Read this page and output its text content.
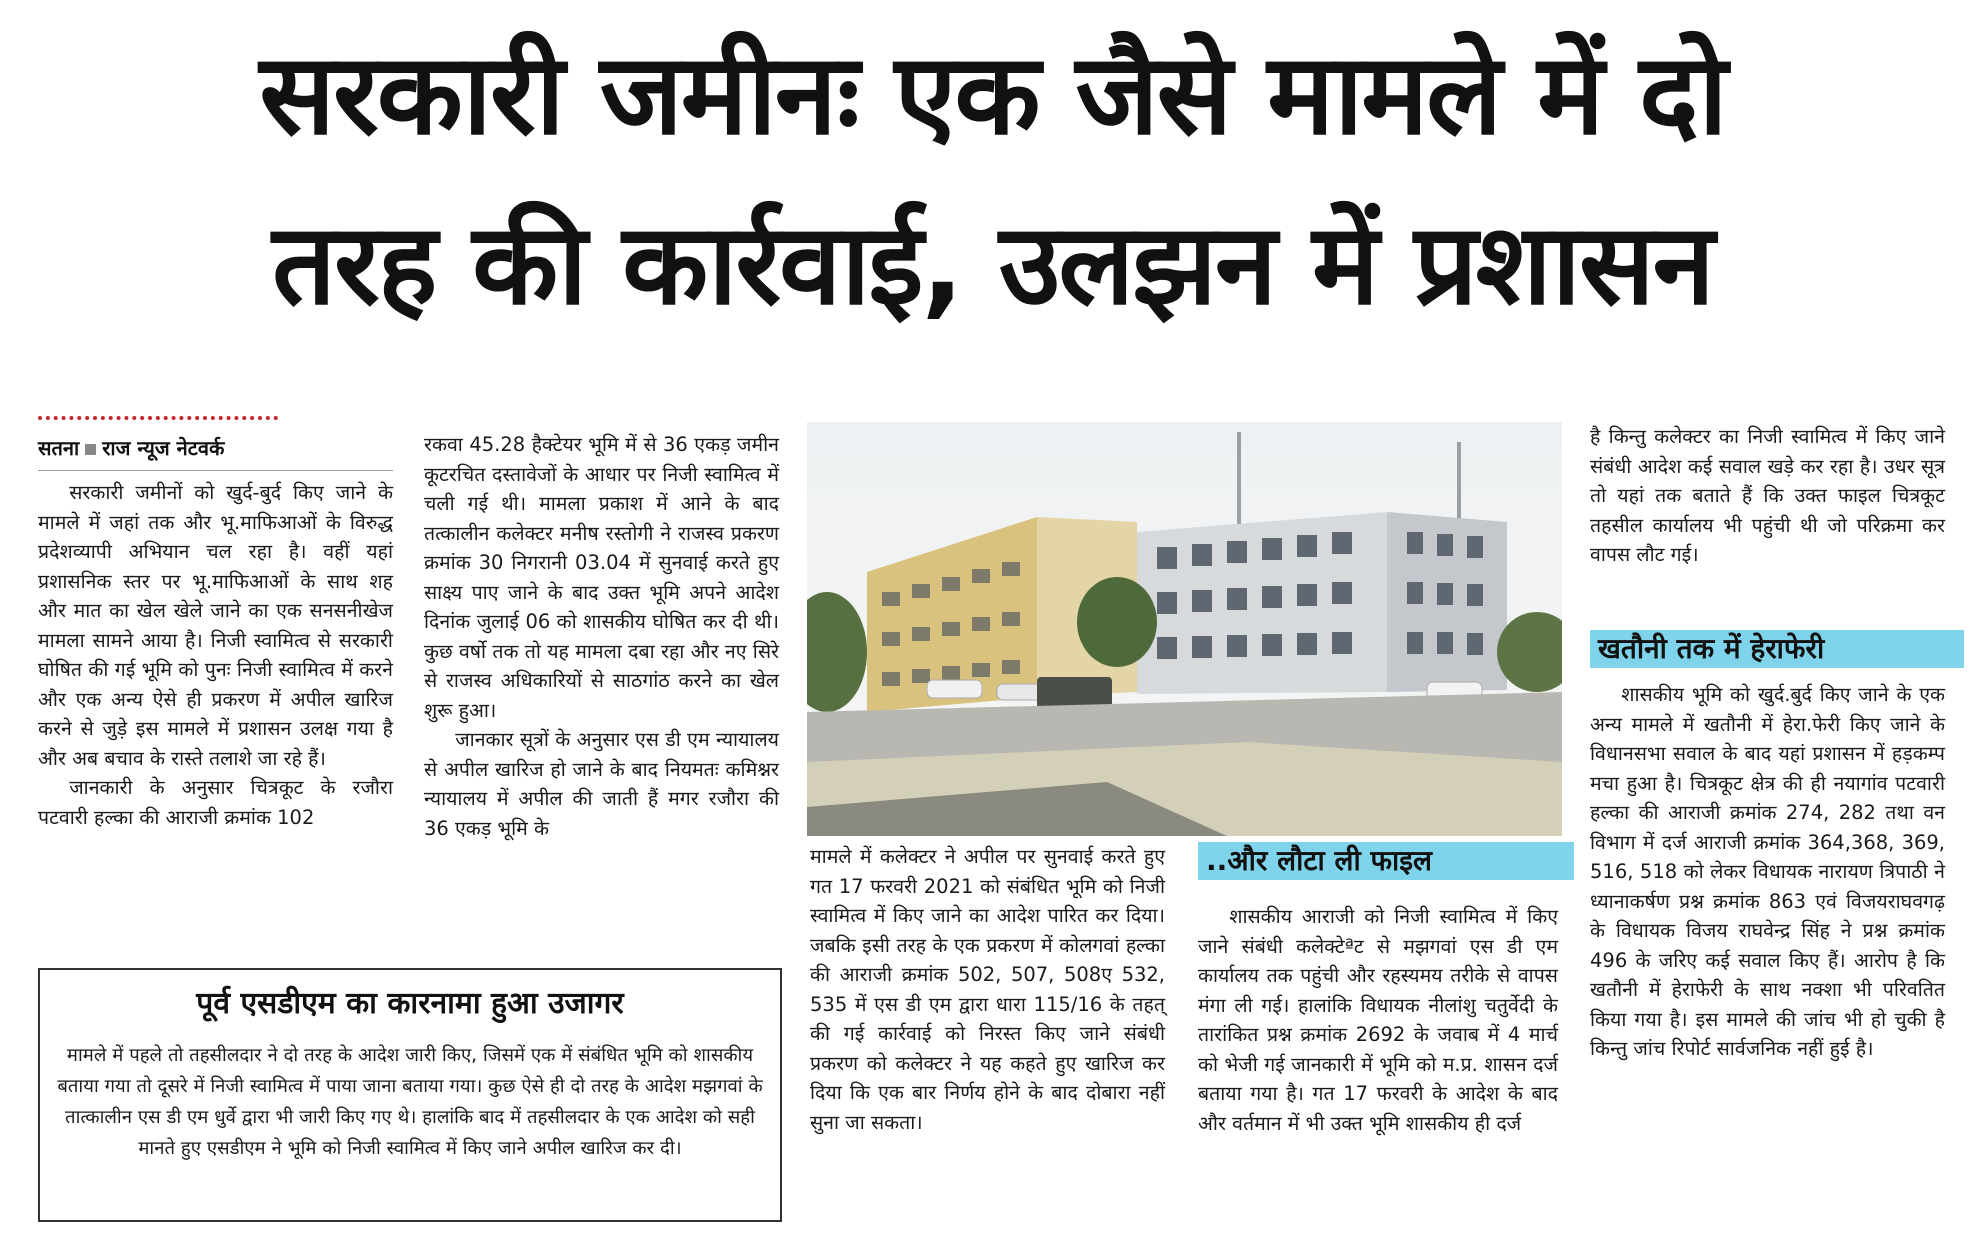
सरकारी जमीनः एक जैसे मामले में दो
तरह की कार्रवाई, उलझन में प्रशासन
सतना राज न्यूज नेटवर्क

सरकारी जमीनों को खुर्द-बुर्द किए जाने के मामले में जहां तक और भू.माफिआओं के विरुद्ध प्रदेशव्यापी अभियान चल रहा है। वहीं यहां प्रशासनिक स्तर पर भू.माफिआओं के साथ शह और मात का खेल खेले जाने का एक सनसनीखेज मामला सामने आया है। निजी स्वामित्व से सरकारी घोषित की गई भूमि को पुनः निजी स्वामित्व में करने और एक अन्य ऐसे ही प्रकरण में अपील खारिज करने से जुड़े इस मामले में प्रशासन उलक्ष गया है और अब बचाव के रास्ते तलाशे जा रहे हैं।

जानकारी के अनुसार चित्रकूट के रजौरा पटवारी हल्का की आराजी क्रमांक 102

रकवा 45.28 हैक्टेयर भूमि में से 36 एकड़ जमीन कूटरचित दस्तावेजों के आधार पर निजी स्वामित्व में चली गई थी। मामला प्रकाश में आने के बाद तत्कालीन कलेक्टर मनीष रस्तोगी ने राजस्व प्रकरण क्रमांक 30 निगरानी 03.04 में सुनवाई करते हुए साक्ष्य पाए जाने के बाद उक्त भूमि अपने आदेश दिनांक जुलाई 06 को शासकीय घोषित कर दी थी। कुछ वर्षो तक तो यह मामला दबा रहा और नए सिरे से राजस्व अधिकारियों से साठगांठ करने का खेल शुरू हुआ।

जानकार सूत्रों के अनुसार एस डी एम न्यायालय से अपील खारिज हो जाने के बाद नियमतः कमिश्नर न्यायालय में अपील की जाती हैं मगर रजौरा की 36 एकड़ भूमि के

मामले में कलेक्टर ने अपील पर सुनवाई करते हुए गत 17 फरवरी 2021 को संबंधित भूमि को निजी स्वामित्व में किए जाने का आदेश पारित कर दिया। जबकि इसी तरह के एक प्रकरण में कोलगवां हल्का की आराजी क्रमांक 502, 507, 508ए 532, 535 में एस डी एम द्वारा धारा 115/16 के तहत् की गई कार्रवाई को निरस्त किए जाने संबंधी प्रकरण को कलेक्टर ने यह कहते हुए खारिज कर दिया कि एक बार निर्णय होने के बाद दोबारा नहीं सुना जा सकता।

..और लौटा ली फाइल

शासकीय आराजी को निजी स्वामित्व में किए जाने संबंधी कलेक्टेªट से मझगवां एस डी एम कार्यालय तक पहुंची और रहस्यमय तरीके से वापस मंगा ली गई। हालांकि विधायक नीलांशु चतुर्वेदी के तारांकित प्रश्न क्रमांक 2692 के जवाब में 4 मार्च को भेजी गई जानकारी में भूमि को म.प्र. शासन दर्ज बताया गया है। गत 17 फरवरी के आदेश के बाद और वर्तमान में भी उक्त भूमि शासकीय ही दर्ज

है किन्तु कलेक्टर का निजी स्वामित्व में किए जाने संबंधी आदेश कई सवाल खड़े कर रहा है। उधर सूत्र तो यहां तक बताते हैं कि उक्त फाइल चित्रकूट तहसील कार्यालय भी पहुंची थी जो परिक्रमा कर वापस लौट गई।

खतौनी तक में हेराफेरी

शासकीय भूमि को खुर्द.बुर्द किए जाने के एक अन्य मामले में खतौनी में हेरा.फेरी किए जाने के विधानसभा सवाल के बाद यहां प्रशासन में हड़कम्प मचा हुआ है। चित्रकूट क्षेत्र की ही नयागांव पटवारी हल्का की आराजी क्रमांक 274, 282 तथा वन विभाग में दर्ज आराजी क्रमांक 364,368, 369, 516, 518 को लेकर विधायक नारायण त्रिपाठी ने ध्यानाकर्षण प्रश्न क्रमांक 863 एवं विजयराघवगढ़ के विधायक विजय राघवेन्द्र सिंह ने प्रश्न क्रमांक 496 के जरिए कई सवाल किए हैं। आरोप है कि खतौनी में हेराफेरी के साथ नक्शा भी परिवतित किया गया है। इस मामले की जांच भी हो चुकी है किन्तु जांच रिपोर्ट सार्वजनिक नहीं हुई है।

पूर्व एसडीएम का कारनामा हुआ उजागर
मामले में पहले तो तहसीलदार ने दो तरह के आदेश जारी किए, जिसमें एक में संबंधित भूमि को शासकीय बताया गया तो दूसरे में निजी स्वामित्व में पाया जाना बताया गया। कुछ ऐसे ही दो तरह के आदेश मझगवां के तात्कालीन एस डी एम धुर्वे द्वारा भी जारी किए गए थे। हालांकि बाद में तहसीलदार के एक आदेश को सही मानते हुए एसडीएम ने भूमि को निजी स्वामित्व में किए जाने अपील खारिज कर दी।
